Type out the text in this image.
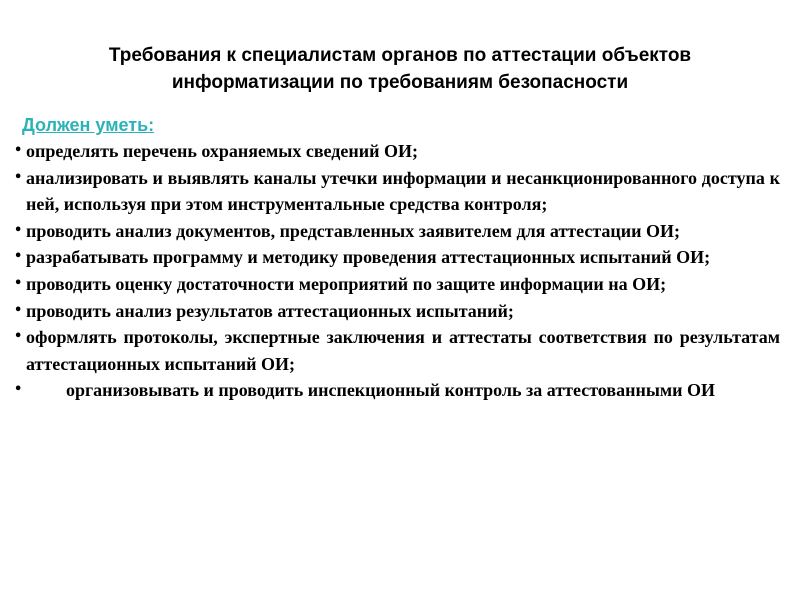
Требования к специалистам органов по аттестации объектов информатизации по требованиям безопасности
Должен уметь:
• определять перечень охраняемых сведений ОИ;
• анализировать и выявлять каналы утечки информации и несанкционированного доступа к ней, используя при этом инструментальные средства контроля;
• проводить анализ документов, представленных заявителем для аттестации ОИ;
• разрабатывать программу и методику проведения аттестационных испытаний ОИ;
• проводить оценку достаточности мероприятий по защите информации на ОИ;
• проводить анализ результатов аттестационных испытаний;
• оформлять протоколы, экспертные заключения и аттестаты соответствия по результатам аттестационных испытаний ОИ;
•	организовывать и проводить инспекционный контроль за аттестованными ОИ
